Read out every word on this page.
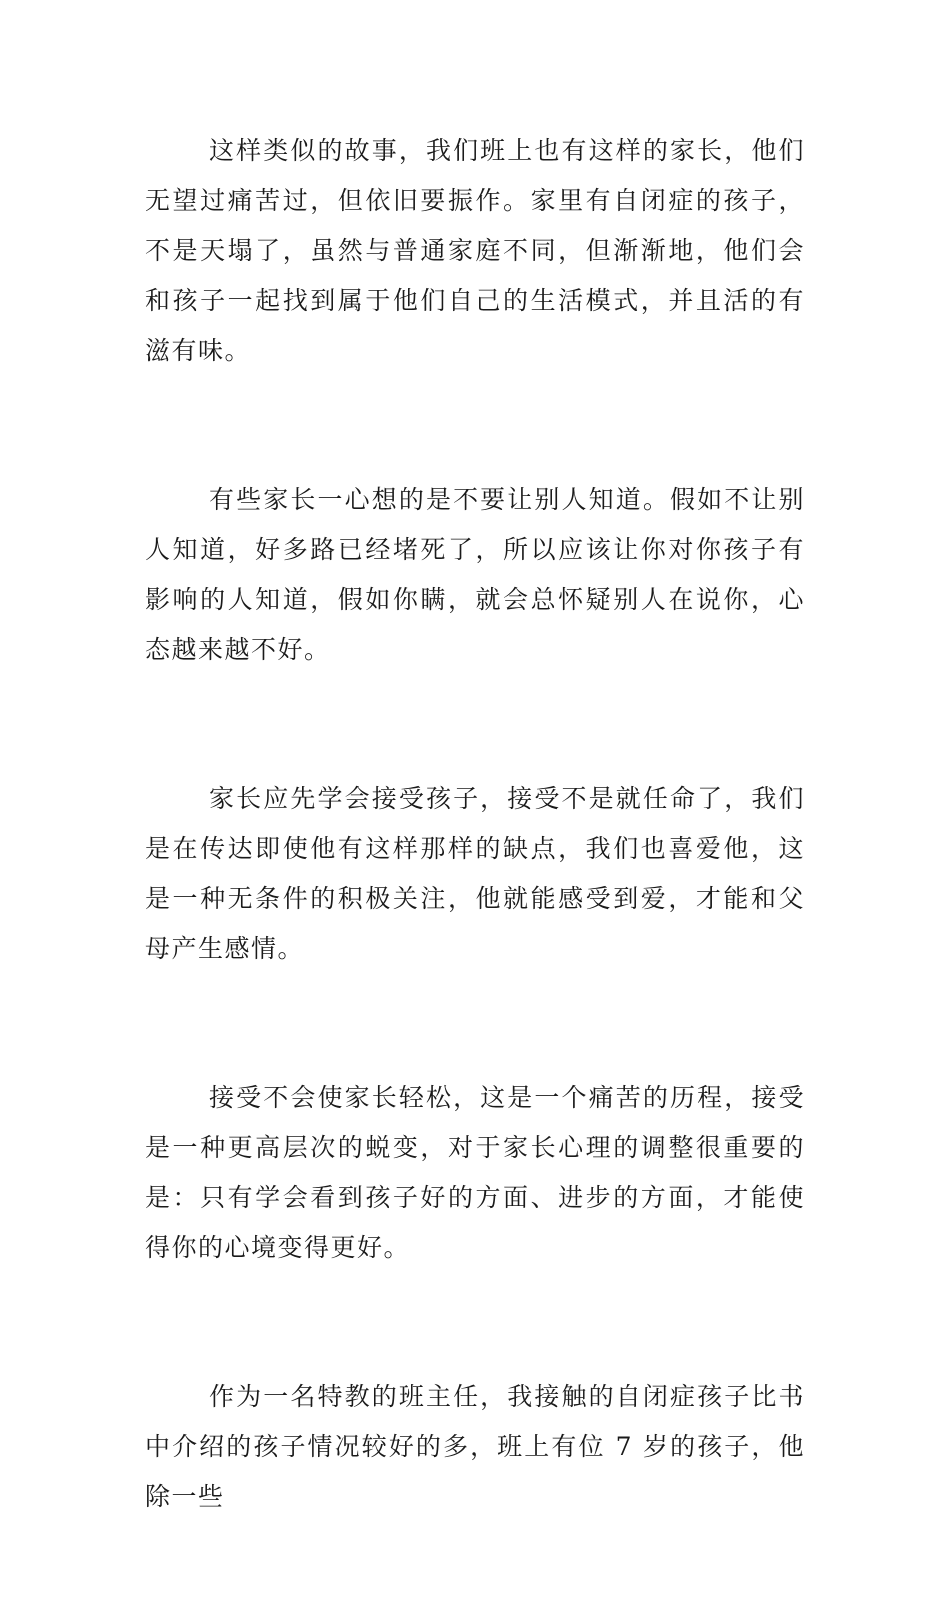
这样类似的故事，我们班上也有这样的家长，他们无望过痛苦过，但依旧要振作。家里有自闭症的孩子，不是天塌了，虽然与普通家庭不同，但渐渐地，他们会和孩子一起找到属于他们自己的生活模式，并且活的有滋有味。

有些家长一心想的是不要让别人知道。假如不让别人知道，好多路已经堵死了，所以应该让你对你孩子有影响的人知道，假如你瞒，就会总怀疑别人在说你，心态越来越不好。

家长应先学会接受孩子，接受不是就任命了，我们是在传达即使他有这样那样的缺点，我们也喜爱他，这是一种无条件的积极关注，他就能感受到爱，才能和父母产生感情。

接受不会使家长轻松，这是一个痛苦的历程，接受是一种更高层次的蜕变，对于家长心理的调整很重要的是：只有学会看到孩子好的方面、进步的方面，才能使得你的心境变得更好。

作为一名特教的班主任，我接触的自闭症孩子比书中介绍的孩子情况较好的多，班上有位 7 岁的孩子，他除一些
